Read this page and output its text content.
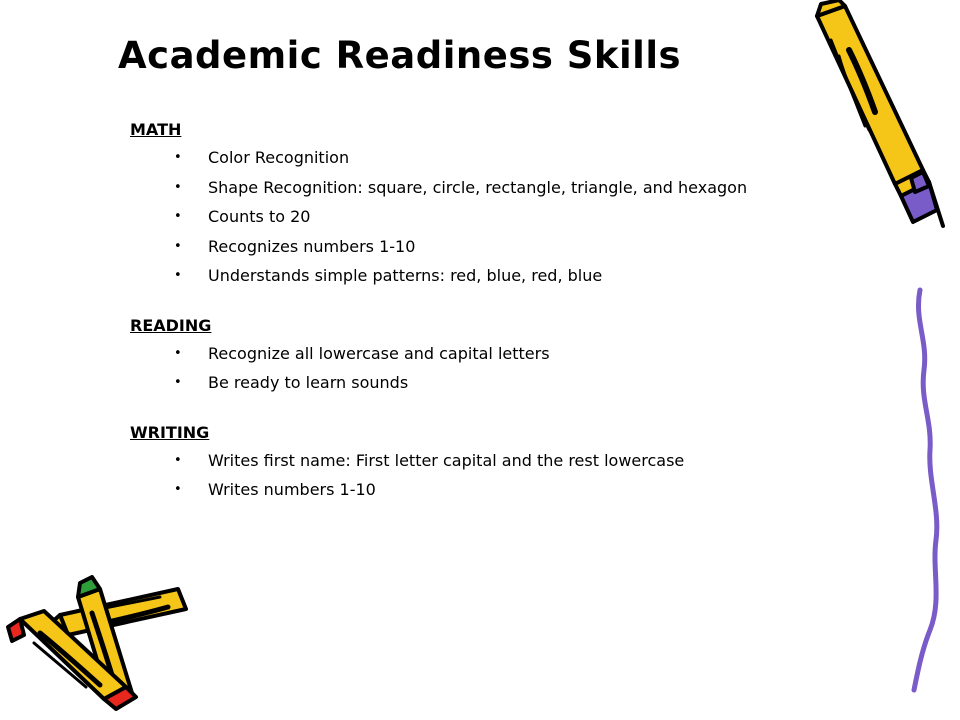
Academic Readiness Skills
MATH
• Color Recognition
• Shape Recognition: square, circle, rectangle, triangle, and hexagon
• Counts to 20
• Recognizes numbers 1-10
• Understands simple patterns: red, blue, red, blue
READING
• Recognize all lowercase and capital letters
• Be ready to learn sounds
WRITING
• Writes first name: First letter capital and the rest lowercase
• Writes numbers 1-10
